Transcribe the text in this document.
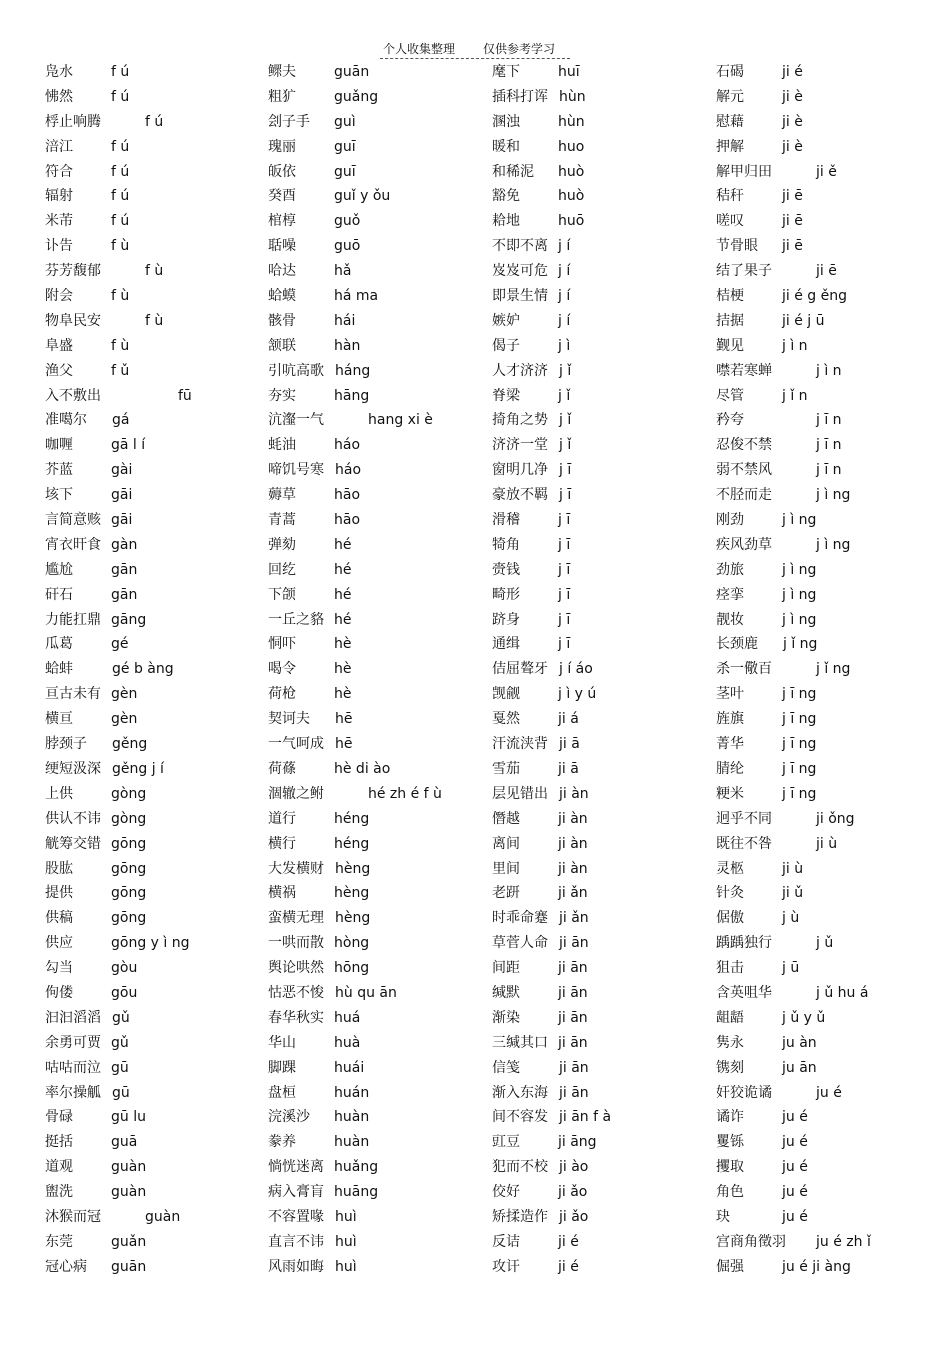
个人收集整理 仅供参考学习
凫水	f ú
怫然	f ú
桴止响腾	f ú
涪江	f ú
符合	f ú
辐射	f ú
米芾	f ú
讣告	f ù
芬芳馥郁	f ù
附会	f ù
物阜民安	f ù
阜盛	f ù
渔父	f ǔ
入不敷出	fū
准噶尔 gá
咖喱	gā l í
芥蓝	gài
垓下	gāi
言简意赅 gāi
宵衣旰食 gàn
尴尬	gān
矸石	gān
力能扛鼎 gāng
瓜葛	gé
蛤蚌	gé b àng
亘古未有 gèn
横亘	gèn
脖颈子 gěng
绠短汲深 gěng j í
上供	gòng
供认不讳 gòng
觥筹交错 gōng
股肱	gōng
提供	gōng
供稿	gōng
供应	gōng y ì ng
勾当	gòu
佝偻	gōu
汩汩滔滔 gǔ
余勇可贾 gǔ
咕咕而泣 gū
率尔操觚 gū
骨碌	gū lu
挺括	guā
道观	guàn
盥洗	guàn
沐猴而冠	guàn
东莞	guǎn
冠心病 guān
鳏夫	guān
粗犷	guǎng
刽子手 guì
瑰丽	guī
皈依	guī
癸酉	guǐ y ǒu
棺椁	guǒ
聒噪	guō
哈达	hǎ
蛤蟆	há ma
骸骨	hái
颔联	hàn
引吭高歌 háng
夯实	hāng
沆瀣一气	hang xi è
蚝油	háo
啼饥号寒 háo
薅草	hāo
青蒿	hāo
弹劾	hé
回纥	hé
下颌	hé
一丘之貉 hé
恫吓	hè
喝令	hè
荷枪	hè
契诃夫 hē
一气呵成 hē
荷蓧	hè di ào
涸辙之鲋	hé zh é f ù
道行	héng
横行	héng
大发横财 hèng
横祸	hèng
蛮横无理 hèng
一哄而散 hòng
舆论哄然 hōng
怙恶不悛 hù qu ān
春华秋实 huá
华山	huà
脚踝	huái
盘桓	huán
浣溪沙 huàn
豢养	huàn
惝恍迷离 huǎng
病入膏肓 huāng
不容置喙 huì
直言不讳 huì
风雨如晦 huì
麾下	huī
插科打诨 hùn
溷浊	hùn
暖和	huo
和稀泥 huò
豁免	huò
耠地	huō
不即不离 j í
岌岌可危 j í
即景生情 j í
嫉妒	j í
偈子	j ì
人才济济 j ǐ
脊梁	j ǐ
掎角之势 j ǐ
济济一堂 j ǐ
窗明几净 j ī
豪放不羁 j ī
滑稽	j ī
犄角	j ī
赍钱	j ī
畸形	j ī
跻身	j ī
通缉	j ī
佶屈聱牙 j í áo
觊觎	j ì y ú
戛然	ji á
汗流浃背 ji ā
雪茄	ji ā
层见错出 ji àn
僭越	ji àn
离间	ji àn
里间	ji àn
老趼	ji ǎn
时乖命蹇 ji ǎn
草菅人命 ji ān
间距	ji ān
缄默	ji ān
渐染	ji ān
三缄其口 ji ān
信笺	ji ān
渐入东海 ji ān
间不容发 ji ān f à
豇豆	ji āng
犯而不校 ji ào
佼好	ji ǎo
矫揉造作 ji ǎo
反诘	ji é
攻讦	ji é
石碣	ji é
解元	ji è
慰藉	ji è
押解	ji è
解甲归田	ji ě
秸秆	ji ē
嗟叹	ji ē
节骨眼 ji ē
结了果子	ji ē
桔梗	ji é g ěng
拮据	ji é j ū
觐见	j ì n
噤若寒蝉	j ì n
尽管	j ǐ n
矜夸	j ī n
忍俊不禁	j ī n
弱不禁风	j ī n
不胫而走	j ì ng
刚劲	j ì ng
疾风劲草	j ì ng
劲旅	j ì ng
痉挛	j ì ng
靓妆	j ì ng
长颈鹿 j ǐ ng
杀一儆百	j ǐ ng
茎叶	j ī ng
旌旗	j ī ng
菁华	j ī ng
腈纶	j ī ng
粳米	j ī ng
迥乎不同	ji ǒng
既往不咎	ji ù
灵柩	ji ù
针灸	ji ǔ
倨傲	j ù
踽踽独行	j ǔ
狙击	j ū
含英咀华	j ǔ hu á
龃龉	j ǔ y ǔ
隽永	ju àn
镌刻	ju ān
奸狡诡谲	ju é
谲诈	ju é
矍铄	ju é
攫取	ju é
角色	ju é
玦	ju é
宫商角徵羽 ju é zh ǐ
倔强	ju é ji àng
